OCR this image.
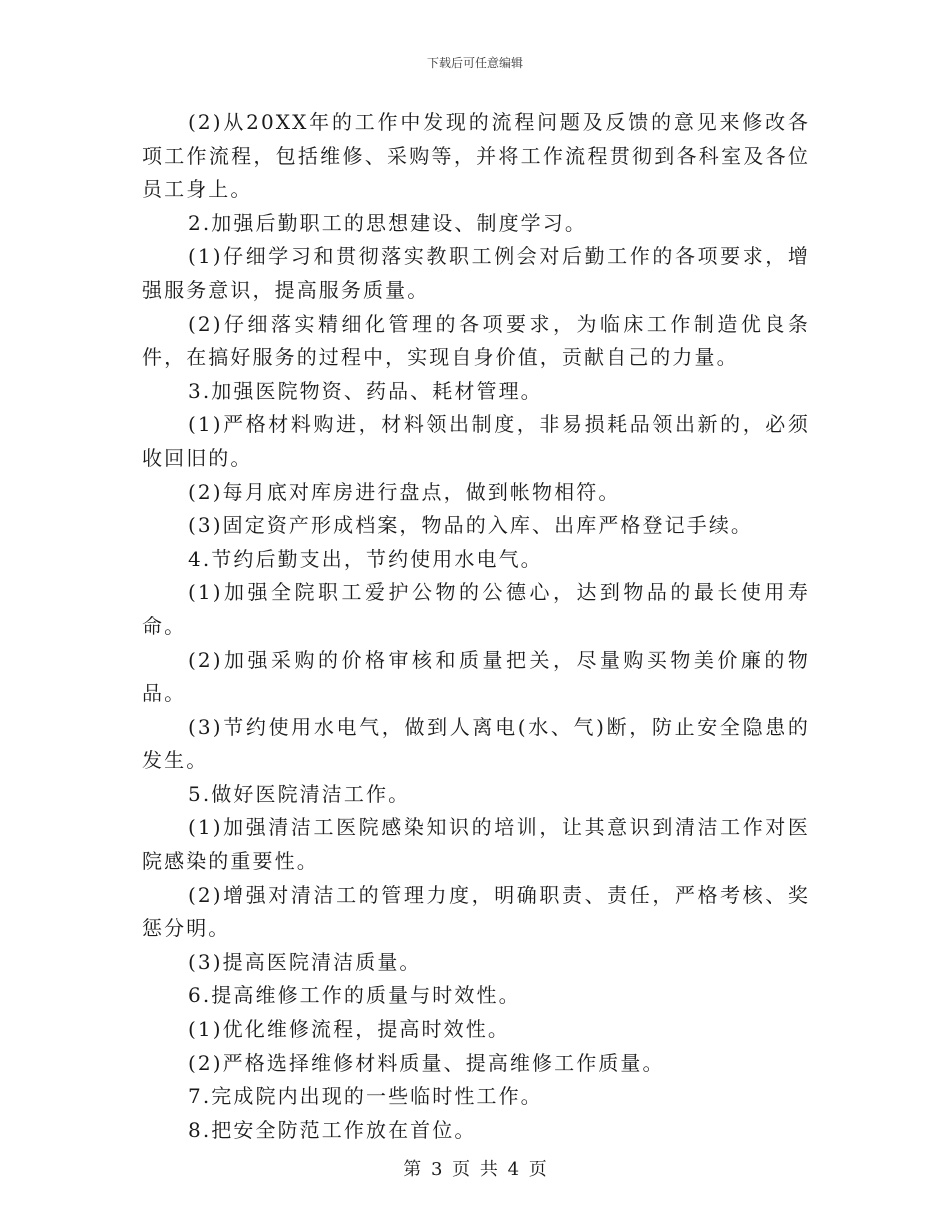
下载后可任意编辑

(2)从20XX年的工作中发现的流程问题及反馈的意见来修改各项工作流程，包括维修、采购等，并将工作流程贯彻到各科室及各位员工身上。

2.加强后勤职工的思想建设、制度学习。

(1)仔细学习和贯彻落实教职工例会对后勤工作的各项要求，增强服务意识，提高服务质量。

(2)仔细落实精细化管理的各项要求，为临床工作制造优良条件，在搞好服务的过程中，实现自身价值，贡献自己的力量。

3.加强医院物资、药品、耗材管理。

(1)严格材料购进，材料领出制度，非易损耗品领出新的，必须收回旧的。

(2)每月底对库房进行盘点，做到帐物相符。

(3)固定资产形成档案，物品的入库、出库严格登记手续。

4.节约后勤支出，节约使用水电气。

(1)加强全院职工爱护公物的公德心，达到物品的最长使用寿命。

(2)加强采购的价格审核和质量把关，尽量购买物美价廉的物品。

(3)节约使用水电气，做到人离电(水、气)断，防止安全隐患的发生。

5.做好医院清洁工作。

(1)加强清洁工医院感染知识的培训，让其意识到清洁工作对医院感染的重要性。

(2)增强对清洁工的管理力度，明确职责、责任，严格考核、奖惩分明。

(3)提高医院清洁质量。

6.提高维修工作的质量与时效性。

(1)优化维修流程，提高时效性。

(2)严格选择维修材料质量、提高维修工作质量。

7.完成院内出现的一些临时性工作。

8.把安全防范工作放在首位。

第 3 页 共 4 页
